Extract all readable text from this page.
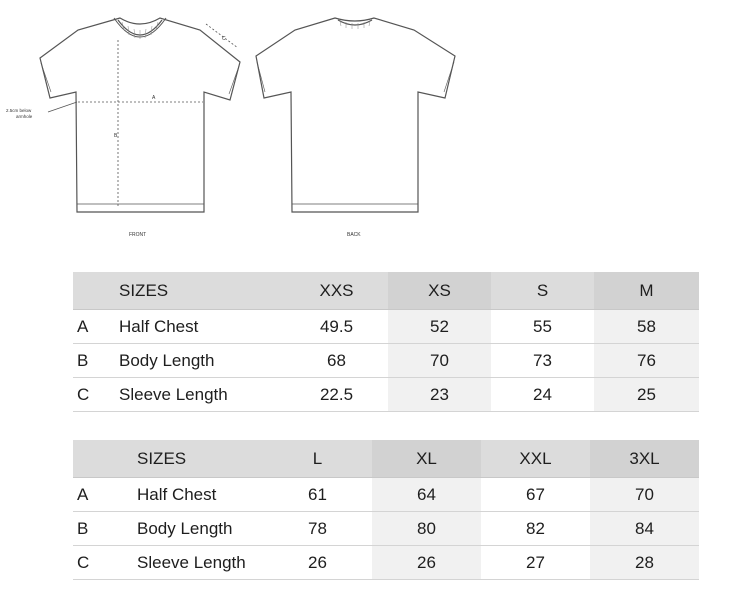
A
B
C
2.5cm below
armhole
FRONT	BACK
	SIZES	XXS	XS	S	M
A	Half Chest	49.5	52	55	58
B	Body Length	68	70	73	76
C	Sleeve Length	22.5	23	24	25
	SIZES	L	XL	XXL	3XL
A	Half Chest	61	64	67	70
B	Body Length	78	80	82	84
C	Sleeve Length	26	26	27	28
